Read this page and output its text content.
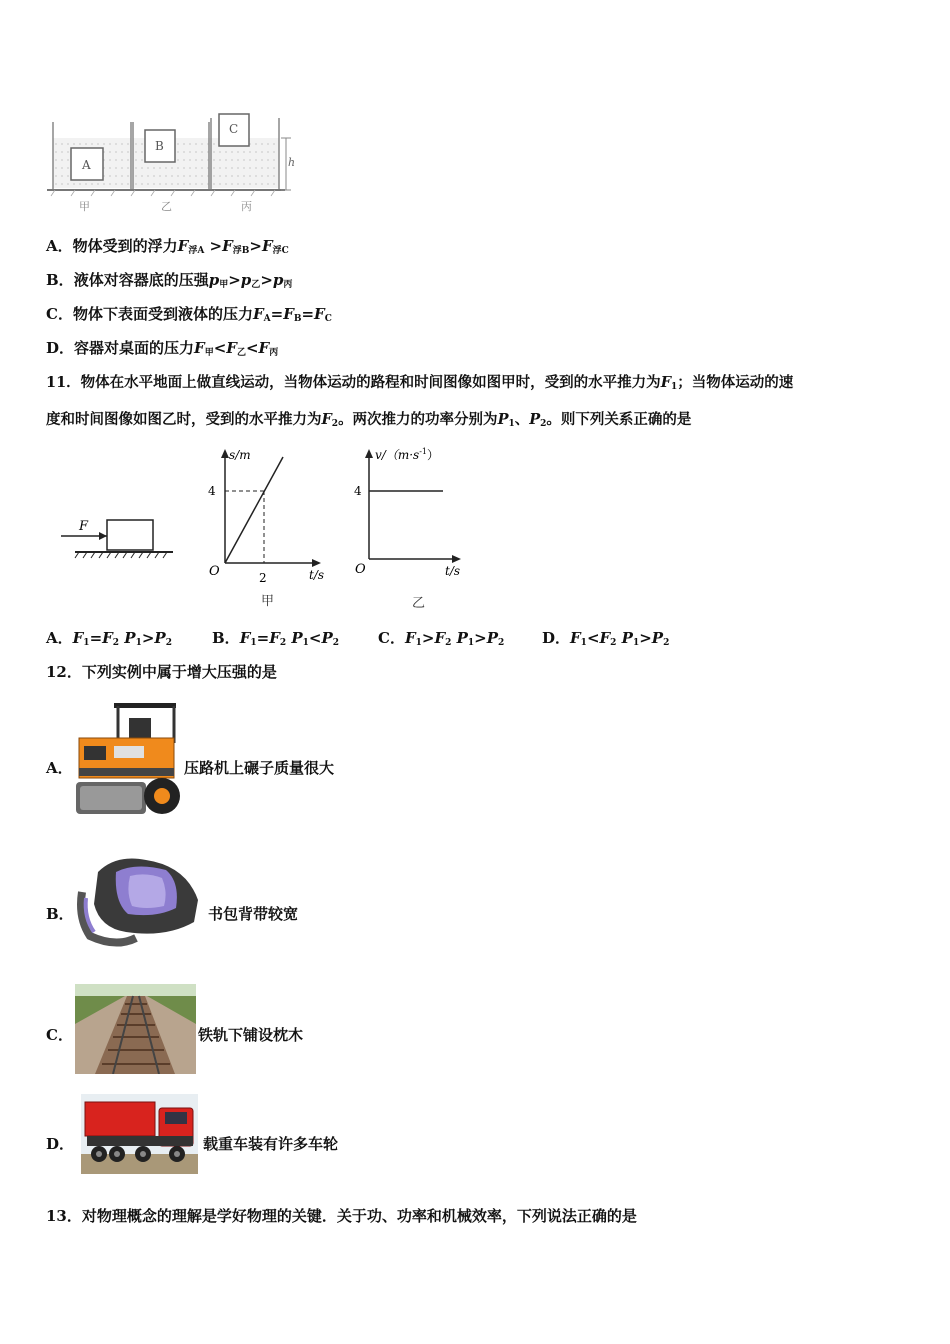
A
B
C
h
甲	乙	丙
A．物体受到的浮力$F_{浮A} >F_{浮B}>F_{浮C}$
B．液体对容器底的压强$p_甲>p_乙>p_丙$
C．物体下表面受到液体的压力$F_A=F_B=F_C$
D．容器对桌面的压力$F_甲<F_乙<F_丙$
11．物体在水平地面上做直线运动，当物体运动的路程和时间图像如图甲时，受到的水平推力为$F_1$；当物体运动的速
度和时间图像如图乙时，受到的水平推力为$F_2$。两次推力的功率分别为$P_1$、$P_2$。则下列关系正确的是
F
s/m
4
2
O	t/s
甲
$v/(m\cdot s^{-1})$
4
O	t/s
乙
A．$F_1=F_2$ $P_1>P_2$	B．$F_1=F_2$ $P_1<P_2$	C．$F_1>F_2$ $P_1>P_2$	D．$F_1<F_2$ $P_1>P_2$
12．下列实例中属于增大压强的是
A．	压路机上碾子质量很大
B．	书包背带较宽
C．	铁轨下铺设枕木
D．	载重车装有许多车轮
13．对物理概念的理解是学好物理的关键．关于功、功率和机械效率，下列说法正确的是
